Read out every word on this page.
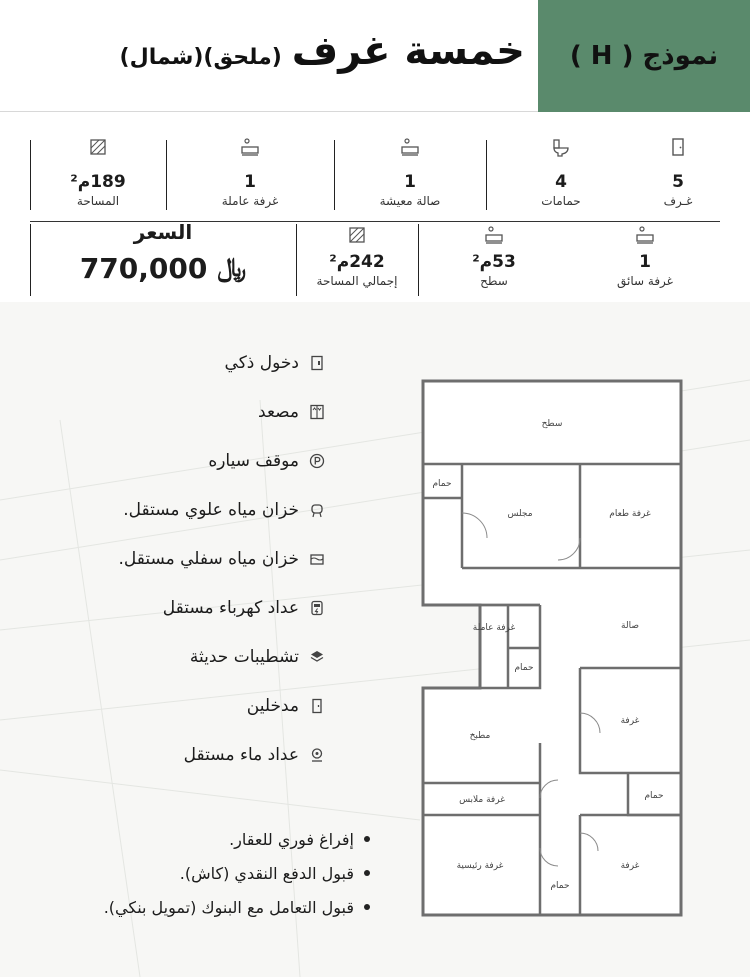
خمسة غرف
(ملحق)(شمال)	نموذج ( H )
5
غـرف
4
حمامات
1
صالة معيشة
1
غرفة عاملة
189م²
المساحة
1
غرفة سائق
53م²
سطح
242م²
إجمالي المساحة
السعر
770,000 ﷼
دخول ذكي
مصعد
موقف سياره
خزان مياه علوي مستقل.
خزان مياه سفلي مستقل.
عداد كهرباء مستقل
تشطيبات حديثة
مدخلين
عداد ماء مستقل
إفراغ فوري للعقار.
قبول الدفع النقدي (كاش).
قبول التعامل مع البنوك (تمويل بنكي).
سطح
حمام
مجلس	غرفة طعام
غرفة عاملة
حمام
صالة
مطبخ
غرفة
غرفة ملابس	حمام
غرفة رئيسية
حمام
غرفة
